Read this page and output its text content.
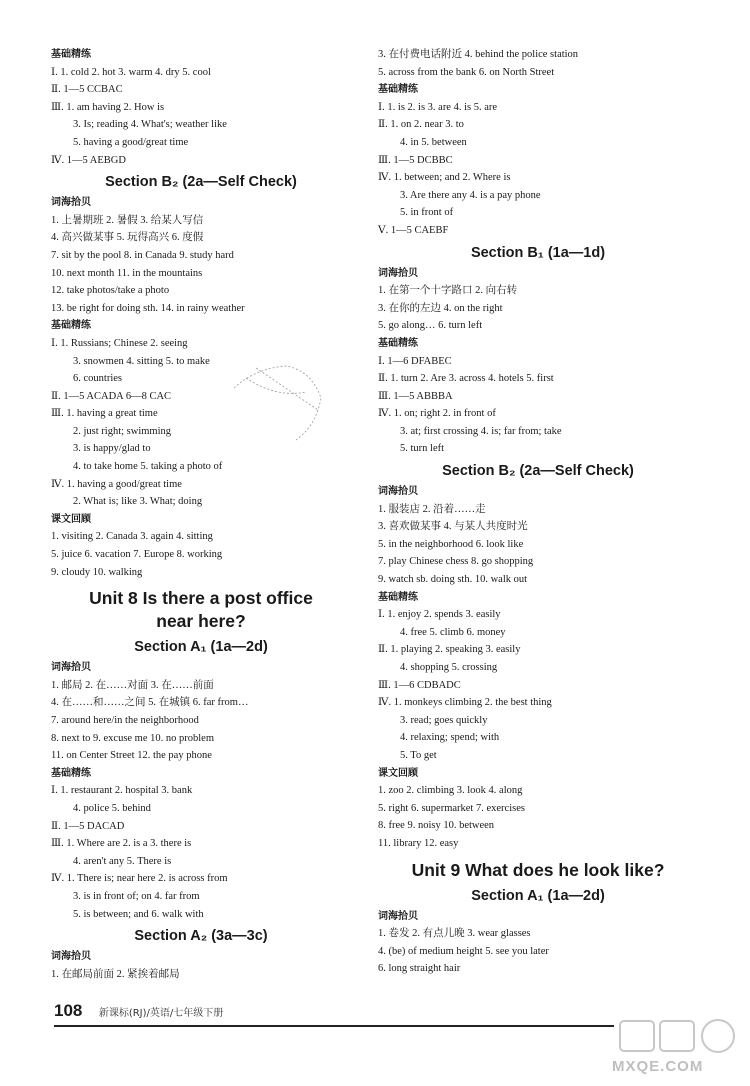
基础精练
Ⅰ. 1. cold 2. hot 3. warm 4. dry 5. cool
Ⅱ. 1—5 CCBAC
Ⅲ. 1. am having 2. How is
3. Is; reading 4. What's; weather like
5. having a good/great time
Ⅳ. 1—5 AEBGD
Section B₂ (2a—Self Check)
词海拾贝
1. 上暑期班 2. 暑假 3. 给某人写信
4. 高兴做某事 5. 玩得高兴 6. 度假
7. sit by the pool 8. in Canada 9. study hard
10. next month 11. in the mountains
12. take photos/take a photo
13. be right for doing sth. 14. in rainy weather
基础精练
Ⅰ. 1. Russians; Chinese 2. seeing
3. snowmen 4. sitting 5. to make
6. countries
Ⅱ. 1—5 ACADA 6—8 CAC
Ⅲ. 1. having a great time
2. just right; swimming
3. is happy/glad to
4. to take home 5. taking a photo of
Ⅳ. 1. having a good/great time
2. What is; like 3. What; doing
课文回顾
1. visiting 2. Canada 3. again 4. sitting
5. juice 6. vacation 7. Europe 8. working
9. cloudy 10. walking
Unit 8 Is there a post office
near here?
Section A₁ (1a—2d)
词海拾贝
1. 邮局 2. 在……对面 3. 在……前面
4. 在……和……之间 5. 在城镇 6. far from…
7. around here/in the neighborhood
8. next to 9. excuse me 10. no problem
11. on Center Street 12. the pay phone
基础精练
Ⅰ. 1. restaurant 2. hospital 3. bank
4. police 5. behind
Ⅱ. 1—5 DACAD
Ⅲ. 1. Where are 2. is a 3. there is
4. aren't any 5. There is
Ⅳ. 1. There is; near here 2. is across from
3. is in front of; on 4. far from
5. is between; and 6. walk with
Section A₂ (3a—3c)
词海拾贝
1. 在邮局前面 2. 紧挨着邮局
3. 在付费电话附近 4. behind the police station
5. across from the bank 6. on North Street
基础精练
Ⅰ. 1. is 2. is 3. are 4. is 5. are
Ⅱ. 1. on 2. near 3. to
4. in 5. between
Ⅲ. 1—5 DCBBC
Ⅳ. 1. between; and 2. Where is
3. Are there any 4. is a pay phone
5. in front of
Ⅴ. 1—5 CAEBF
Section B₁ (1a—1d)
词海拾贝
1. 在第一个十字路口 2. 向右转
3. 在你的左边 4. on the right
5. go along… 6. turn left
基础精练
Ⅰ. 1—6 DFABEC
Ⅱ. 1. turn 2. Are 3. across 4. hotels 5. first
Ⅲ. 1—5 ABBBA
Ⅳ. 1. on; right 2. in front of
3. at; first crossing 4. is; far from; take
5. turn left
Section B₂ (2a—Self Check)
词海拾贝
1. 服装店 2. 沿着……走
3. 喜欢做某事 4. 与某人共度时光
5. in the neighborhood 6. look like
7. play Chinese chess 8. go shopping
9. watch sb. doing sth. 10. walk out
基础精练
Ⅰ. 1. enjoy 2. spends 3. easily
4. free 5. climb 6. money
Ⅱ. 1. playing 2. speaking 3. easily
4. shopping 5. crossing
Ⅲ. 1—6 CDBADC
Ⅳ. 1. monkeys climbing 2. the best thing
3. read; goes quickly
4. relaxing; spend; with
5. To get
课文回顾
1. zoo 2. climbing 3. look 4. along
5. right 6. supermarket 7. exercises
8. free 9. noisy 10. between
11. library 12. easy
Unit 9 What does he look like?
Section A₁ (1a—2d)
词海拾贝
1. 卷发 2. 有点儿晚 3. wear glasses
4. (be) of medium height 5. see you later
6. long straight hair
108 新课标(RJ)/英语/七年级下册
MXQE.COM
